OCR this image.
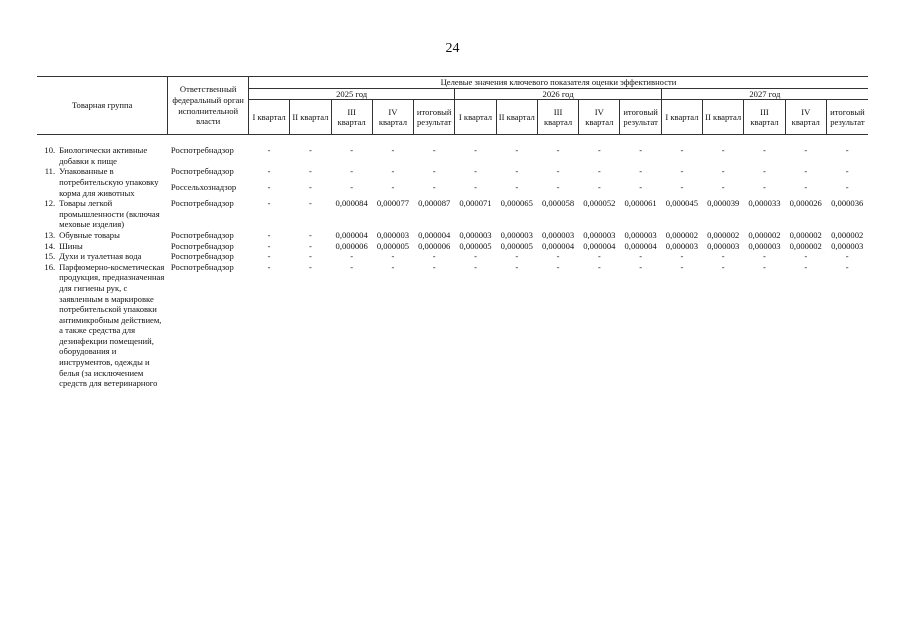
24
Товарная группа		Ответственный федеральный орган исполнительной власти	Целевые значения ключевого показателя оценки эффективности														
			2025 год					2026 год					2027 год				
			I квартал	II квартал	III квартал	IV квартал	итоговый результат	I квартал	II квартал	III квартал	IV квартал	итоговый результат	I квартал	II квартал	III квартал	IV квартал	итоговый результат

10.	Биологически активные добавки к пище	Роспотребнадзор	-	-	-	-	-	-	-	-	-	-	-	-	-	-	-
11.	Упакованные в потребительскую упаковку корма для животных	Роспотребнадзор	-	-	-	-	-	-	-	-	-	-	-	-	-	-	-
		Россельхознадзор	-	-	-	-	-	-	-	-	-	-	-	-	-	-	-
12.	Товары легкой промышленности (включая меховые изделия)	Роспотребнадзор	-	-	0,000084	0,000077	0,000087	0,000071	0,000065	0,000058	0,000052	0,000061	0,000045	0,000039	0,000033	0,000026	0,000036
13.	Обувные товары	Роспотребнадзор	-	-	0,000004	0,000003	0,000004	0,000003	0,000003	0,000003	0,000003	0,000003	0,000002	0,000002	0,000002	0,000002	0,000002
14.	Шины	Роспотребнадзор	-	-	0,000006	0,000005	0,000006	0,000005	0,000005	0,000004	0,000004	0,000004	0,000003	0,000003	0,000003	0,000002	0,000003
15.	Духи и туалетная вода	Роспотребнадзор	-	-	-	-	-	-	-	-	-	-	-	-	-	-	-
16.	Парфюмерно-косметическая продукция, предназначенная для гигиены рук, с заявленным в маркировке потребительской упаковки антимикробным действием, а также средства для дезинфекции помещений, оборудования и инструментов, одежды и белья (за исключением средств для ветеринарного	Роспотребнадзор	-	-	-	-	-	-	-	-	-	-	-	-	-	-	-
